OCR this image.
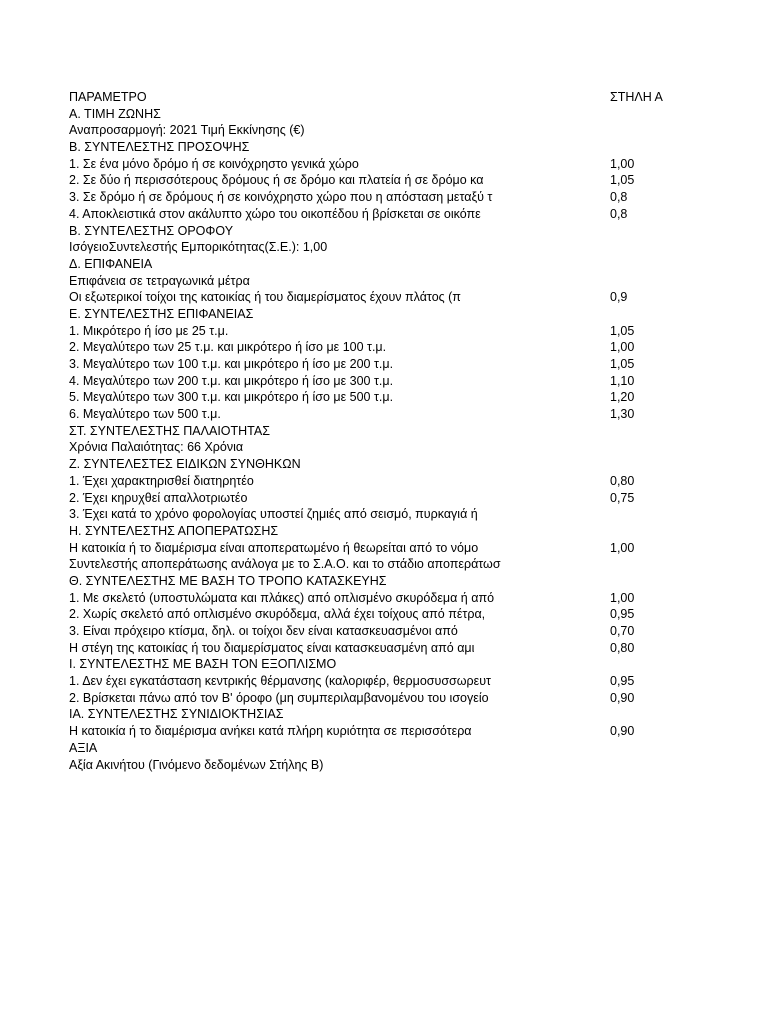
ΠΑΡΑΜΕΤΡΟ	ΣΤΗΛΗ Α
Α. ΤΙΜΗ ΖΩΝΗΣ
Αναπροσαρμογή: 2021 Τιμή Εκκίνησης (€)
Β. ΣΥΝΤΕΛΕΣΤΗΣ ΠΡΟΣΟΨΗΣ
1. Σε ένα μόνο δρόμο ή σε κοινόχρηστο γενικά χώρο	1,00
2. Σε δύο ή περισσότερους δρόμους ή σε δρόμο και πλατεία ή σε δρόμο κα	1,05
3. Σε δρόμο ή σε δρόμους ή σε κοινόχρηστο χώρο που η απόσταση μεταξύ τ	0,8
4. Αποκλειστικά στον ακάλυπτο χώρο του οικοπέδου ή βρίσκεται σε οικόπε	0,8
Β. ΣΥΝΤΕΛΕΣΤΗΣ ΟΡΟΦΟΥ
ΙσόγειοΣυντελεστής Εμπορικότητας(Σ.Ε.): 1,00
Δ. ΕΠΙΦΑΝΕΙΑ
Επιφάνεια σε τετραγωνικά μέτρα
Οι εξωτερικοί τοίχοι της κατοικίας ή του διαμερίσματος έχουν πλάτος (π	0,9
Ε. ΣΥΝΤΕΛΕΣΤΗΣ ΕΠΙΦΑΝΕΙΑΣ
1. Μικρότερο ή ίσο με 25 τ.μ.	1,05
2. Μεγαλύτερο των 25 τ.μ. και μικρότερο ή ίσο με 100 τ.μ.	1,00
3. Μεγαλύτερο των 100 τ.μ. και μικρότερο ή ίσο με 200 τ.μ.	1,05
4. Μεγαλύτερο των 200 τ.μ. και μικρότερο ή ίσο με 300 τ.μ.	1,10
5. Μεγαλύτερο των 300 τ.μ. και μικρότερο ή ίσο με 500 τ.μ.	1,20
6. Μεγαλύτερο των 500 τ.μ.	1,30
ΣΤ. ΣΥΝΤΕΛΕΣΤΗΣ ΠΑΛΑΙΟΤΗΤΑΣ
Χρόνια Παλαιότητας: 66 Χρόνια
Ζ. ΣΥΝΤΕΛΕΣΤΕΣ ΕΙΔΙΚΩΝ ΣΥΝΘΗΚΩΝ
1. Έχει χαρακτηρισθεί διατηρητέο	0,80
2. Έχει κηρυχθεί απαλλοτριωτέο	0,75
3. Έχει κατά το χρόνο φορολογίας υποστεί ζημιές από σεισμό, πυρκαγιά ή
Η. ΣΥΝΤΕΛΕΣΤΗΣ ΑΠΟΠΕΡΑΤΩΣΗΣ
Η κατοικία ή το διαμέρισμα είναι αποπερατωμένο ή θεωρείται από το νόμο	1,00
Συντελεστής αποπεράτωσης ανάλογα με το Σ.Α.Ο. και το στάδιο αποπεράτωσ
Θ. ΣΥΝΤΕΛΕΣΤΗΣ ΜΕ ΒΑΣΗ ΤΟ ΤΡΟΠΟ ΚΑΤΑΣΚΕΥΗΣ
1. Με σκελετό (υποστυλώματα και πλάκες) από οπλισμένο σκυρόδεμα ή από	1,00
2. Χωρίς σκελετό από οπλισμένο σκυρόδεμα, αλλά έχει τοίχους από πέτρα,	0,95
3. Είναι πρόχειρο κτίσμα, δηλ. οι τοίχοι δεν είναι κατασκευασμένοι από	0,70
Η στέγη της κατοικίας ή του διαμερίσματος είναι κατασκευασμένη από αμι	0,80
Ι. ΣΥΝΤΕΛΕΣΤΗΣ ΜΕ ΒΑΣΗ ΤΟΝ ΕΞΟΠΛΙΣΜΟ
1. Δεν έχει εγκατάσταση κεντρικής θέρμανσης (καλοριφέρ, θερμοσυσσωρευτ	0,95
2. Βρίσκεται πάνω από τον Β' όροφο (μη συμπεριλαμβανομένου του ισογείο	0,90
ΙΑ. ΣΥΝΤΕΛΕΣΤΗΣ ΣΥΝΙΔΙΟΚΤΗΣΙΑΣ
Η κατοικία ή το διαμέρισμα ανήκει κατά πλήρη κυριότητα σε περισσότερα	0,90
ΑΞΙΑ
Αξία Ακινήτου (Γινόμενο δεδομένων Στήλης Β)
